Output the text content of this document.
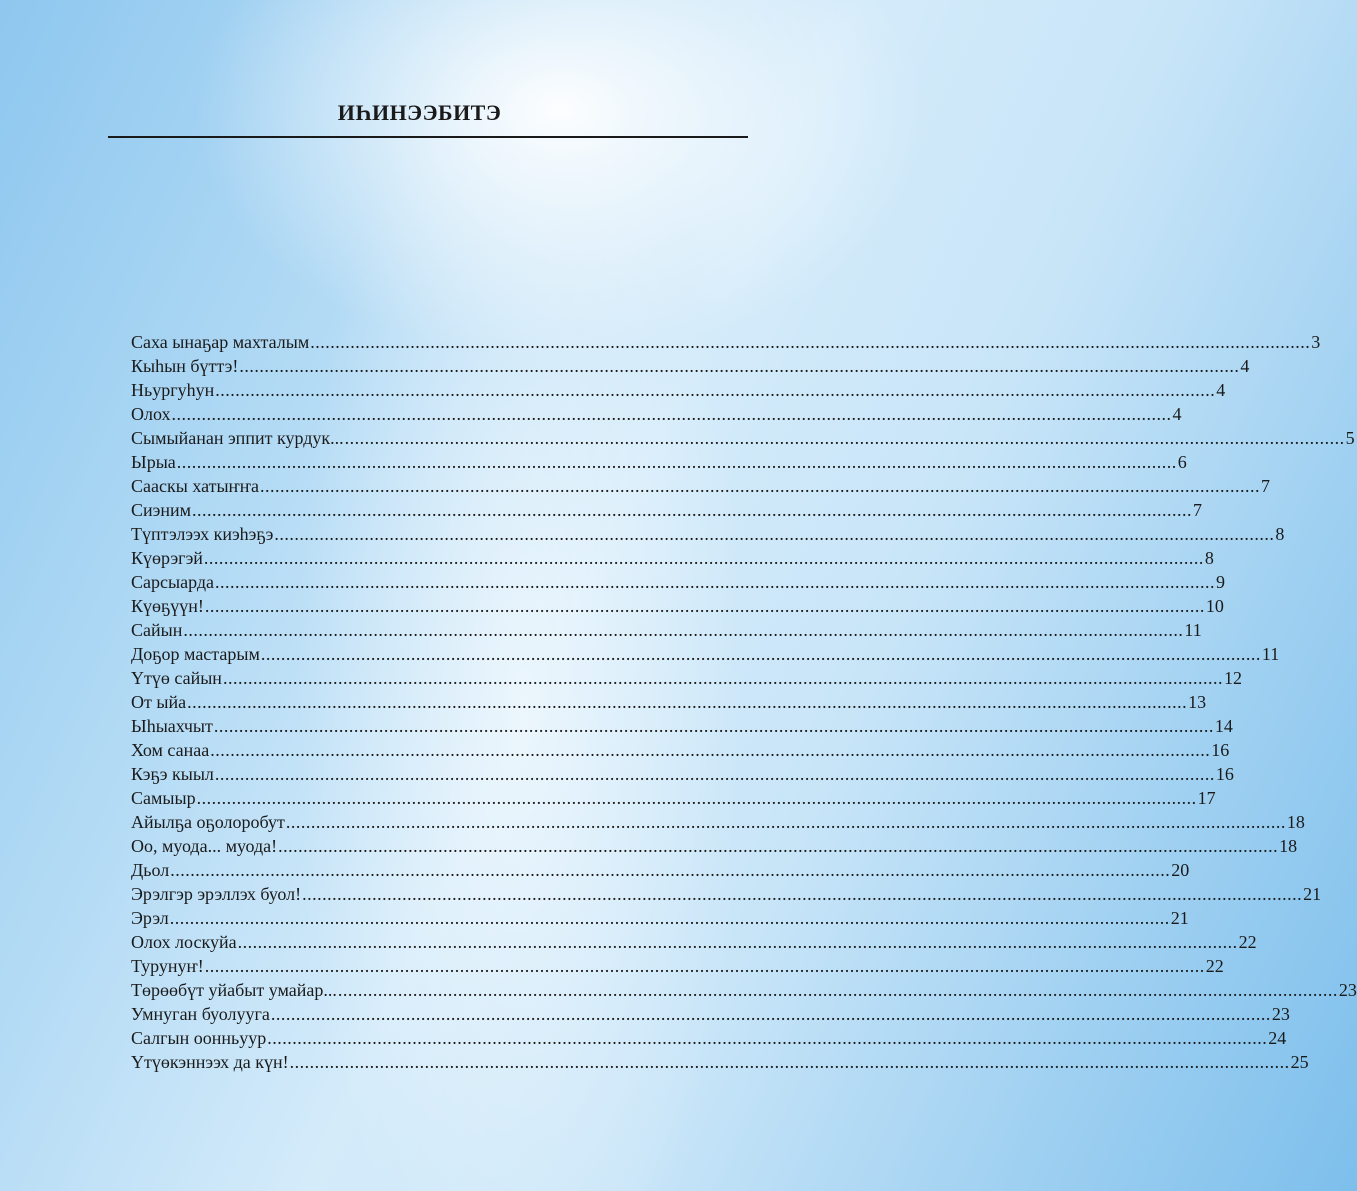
ИҺИНЭЭБИТЭ
Саха ынаҕар махталым ........................................................................................................................................................................................................ 3
Кыһын бүттэ! ........................................................................................................................................................................................................ 4
Ньургуһун ........................................................................................................................................................................................................ 4
Олох ........................................................................................................................................................................................................ 4
Сымыйанан эппит курдук... ........................................................................................................................................................................................................ 5
Ырыа ........................................................................................................................................................................................................ 6
Сааскы хатыҥҥа ........................................................................................................................................................................................................ 7
Сиэним ........................................................................................................................................................................................................ 7
Түптэлээх киэһэҕэ ........................................................................................................................................................................................................ 8
Күөрэгэй ........................................................................................................................................................................................................ 8
Сарсыарда ........................................................................................................................................................................................................ 9
Күөҕүүн! ........................................................................................................................................................................................................ 10
Сайын ........................................................................................................................................................................................................ 11
Доҕор мастарым ........................................................................................................................................................................................................ 11
Үтүө сайын ........................................................................................................................................................................................................ 12
От ыйа ........................................................................................................................................................................................................ 13
Ыһыахчыт ........................................................................................................................................................................................................ 14
Хом санаа ........................................................................................................................................................................................................ 16
Кэҕэ кыыл ........................................................................................................................................................................................................ 16
Самыыр ........................................................................................................................................................................................................ 17
Айылҕа оҕолоробут ........................................................................................................................................................................................................ 18
Оо, муода... муода! ........................................................................................................................................................................................................ 18
Дьол ........................................................................................................................................................................................................ 20
Эрэлгэр эрэллэх буол! ........................................................................................................................................................................................................ 21
Эрэл ........................................................................................................................................................................................................ 21
Олох лоскуйа ........................................................................................................................................................................................................ 22
Турунуҥ! ........................................................................................................................................................................................................ 22
Төрөөбүт уйабыт умайар... ........................................................................................................................................................................................................ 23
Умнуган буолууга ........................................................................................................................................................................................................ 23
Салгын оонньуур ........................................................................................................................................................................................................ 24
Үтүөкэннээх да күн! ........................................................................................................................................................................................................ 25
